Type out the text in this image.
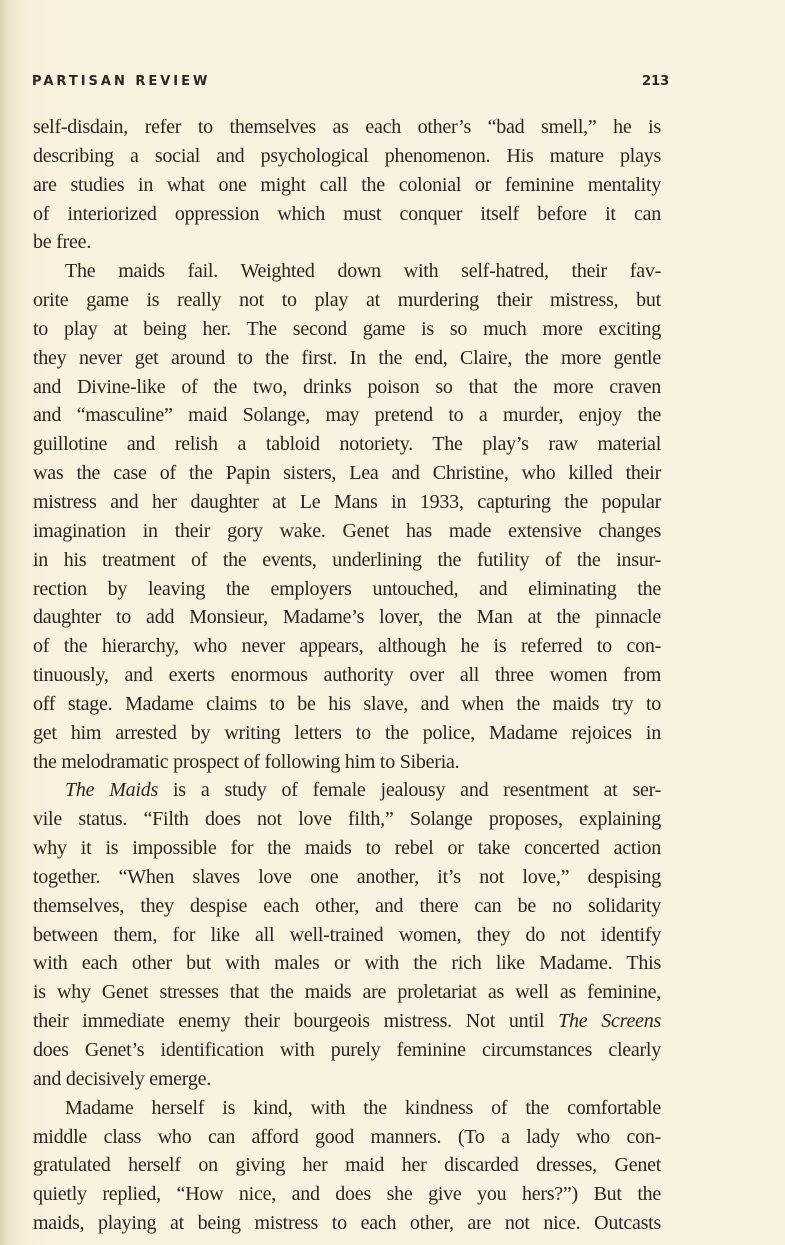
PARTISAN REVIEW	213
self-disdain, refer to themselves as each other’s “bad smell,” he is
describing a social and psychological phenomenon. His mature plays
are studies in what one might call the colonial or feminine mentality
of interiorized oppression which must conquer itself before it can
be free.
The maids fail. Weighted down with self-hatred, their fav-
orite game is really not to play at murdering their mistress, but
to play at being her. The second game is so much more exciting
they never get around to the first. In the end, Claire, the more gentle
and Divine-like of the two, drinks poison so that the more craven
and “masculine” maid Solange, may pretend to a murder, enjoy the
guillotine and relish a tabloid notoriety. The play’s raw material
was the case of the Papin sisters, Lea and Christine, who killed their
mistress and her daughter at Le Mans in 1933, capturing the popular
imagination in their gory wake. Genet has made extensive changes
in his treatment of the events, underlining the futility of the insur-
rection by leaving the employers untouched, and eliminating the
daughter to add Monsieur, Madame’s lover, the Man at the pinnacle
of the hierarchy, who never appears, although he is referred to con-
tinuously, and exerts enormous authority over all three women from
off stage. Madame claims to be his slave, and when the maids try to
get him arrested by writing letters to the police, Madame rejoices in
the melodramatic prospect of following him to Siberia.
The Maids is a study of female jealousy and resentment at ser-
vile status. “Filth does not love filth,” Solange proposes, explaining
why it is impossible for the maids to rebel or take concerted action
together. “When slaves love one another, it’s not love,” despising
themselves, they despise each other, and there can be no solidarity
between them, for like all well-trained women, they do not identify
with each other but with males or with the rich like Madame. This
is why Genet stresses that the maids are proletariat as well as feminine,
their immediate enemy their bourgeois mistress. Not until The Screens
does Genet’s identification with purely feminine circumstances clearly
and decisively emerge.
Madame herself is kind, with the kindness of the comfortable
middle class who can afford good manners. (To a lady who con-
gratulated herself on giving her maid her discarded dresses, Genet
quietly replied, “How nice, and does she give you hers?”) But the
maids, playing at being mistress to each other, are not nice. Outcasts
